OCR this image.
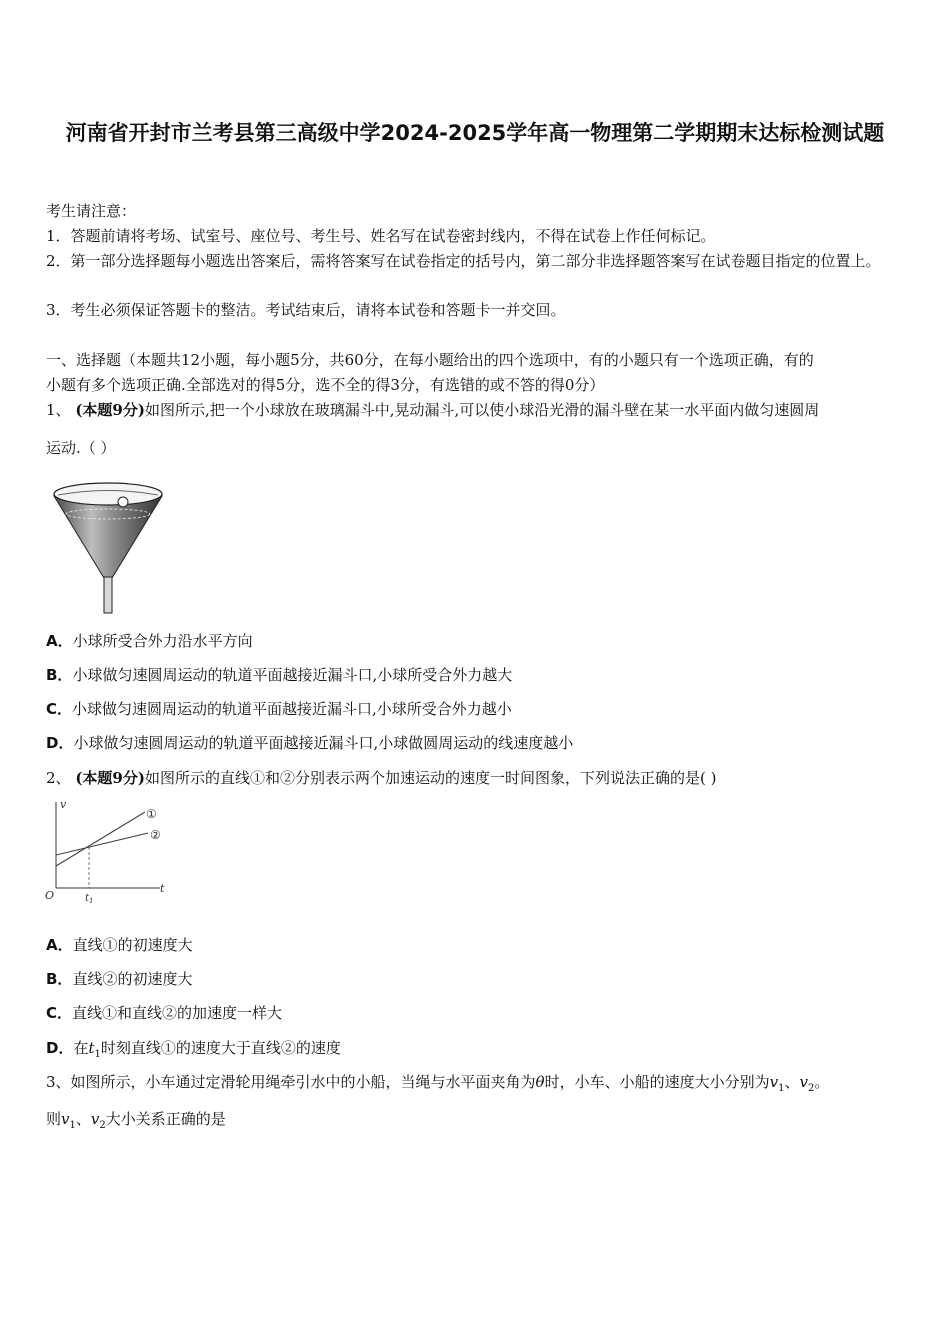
河南省开封市兰考县第三高级中学2024-2025学年高一物理第二学期期末达标检测试题
考生请注意：
1．答题前请将考场、试室号、座位号、考生号、姓名写在试卷密封线内，不得在试卷上作任何标记。
2．第一部分选择题每小题选出答案后，需将答案写在试卷指定的括号内，第二部分非选择题答案写在试卷题目指定的位置上。
3．考生必须保证答题卡的整洁。考试结束后，请将本试卷和答题卡一并交回。
一、选择题（本题共12小题，每小题5分，共60分，在每小题给出的四个选项中，有的小题只有一个选项正确，有的
小题有多个选项正确.全部选对的得5分，选不全的得3分，有选错的或不答的得0分）
1、 (本题9分)如图所示,把一个小球放在玻璃漏斗中,晃动漏斗,可以使小球沿光滑的漏斗壁在某一水平面内做匀速圆周
运动.（ ）
A．小球所受合外力沿水平方向
B．小球做匀速圆周运动的轨道平面越接近漏斗口,小球所受合外力越大
C．小球做匀速圆周运动的轨道平面越接近漏斗口,小球所受合外力越小
D．小球做匀速圆周运动的轨道平面越接近漏斗口,小球做圆周运动的线速度越小
2、 (本题9分)如图所示的直线①和②分别表示两个加速运动的速度一时间图象，下列说法正确的是( )
v
t
O	$t_1$
①
②
A．直线①的初速度大
B．直线②的初速度大
C．直线①和直线②的加速度一样大
D．在$t_1$时刻直线①的速度大于直线②的速度
3、如图所示，小车通过定滑轮用绳牵引水中的小船，当绳与水平面夹角为θ时，小车、小船的速度大小分别为$v_1$、$v_2$。
则$v_1$、$v_2$大小关系正确的是
